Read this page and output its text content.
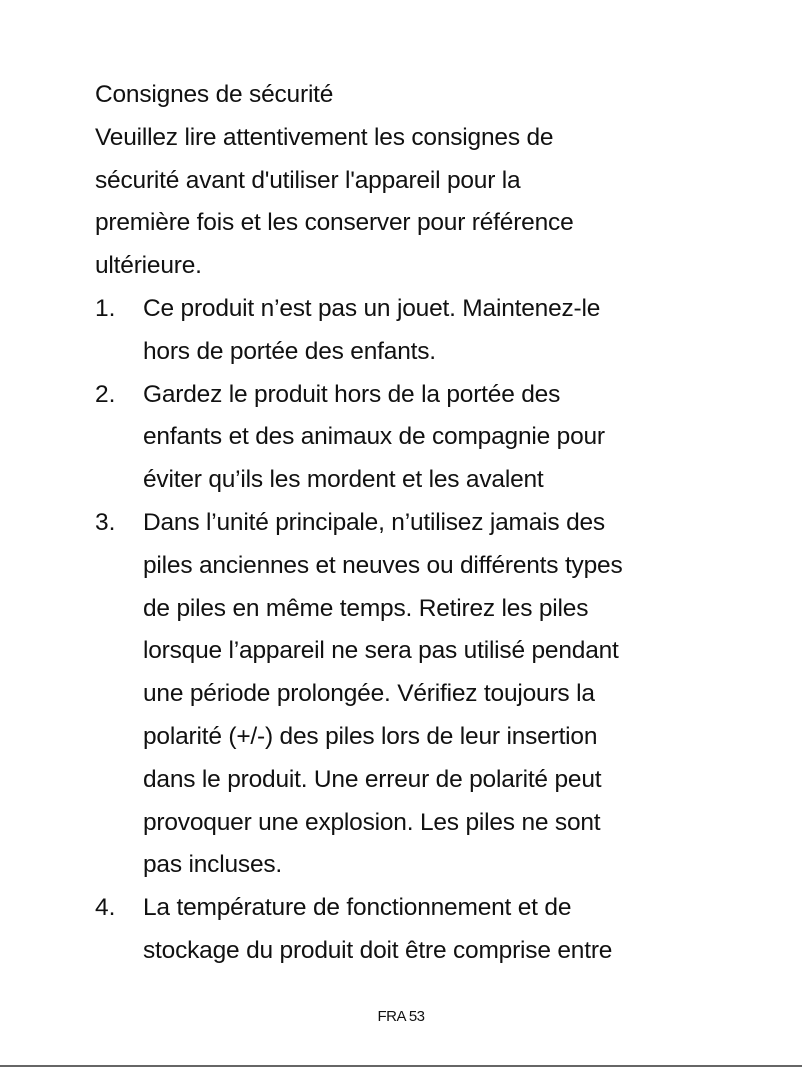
Consignes de sécurité
Veuillez lire attentivement les consignes de
sécurité avant d'utiliser l'appareil pour la
première fois et les conserver pour référence
ultérieure.
1. Ce produit n’est pas un jouet. Maintenez-le
hors de portée des enfants.
2. Gardez le produit hors de la portée des
enfants et des animaux de compagnie pour
éviter qu’ils les mordent et les avalent
3. Dans l’unité principale, n’utilisez jamais des
piles anciennes et neuves ou différents types
de piles en même temps. Retirez les piles
lorsque l’appareil ne sera pas utilisé pendant
une période prolongée. Vérifiez toujours la
polarité (+/-) des piles lors de leur insertion
dans le produit. Une erreur de polarité peut
provoquer une explosion. Les piles ne sont
pas incluses.
4. La température de fonctionnement et de
stockage du produit doit être comprise entre
FRA 53
